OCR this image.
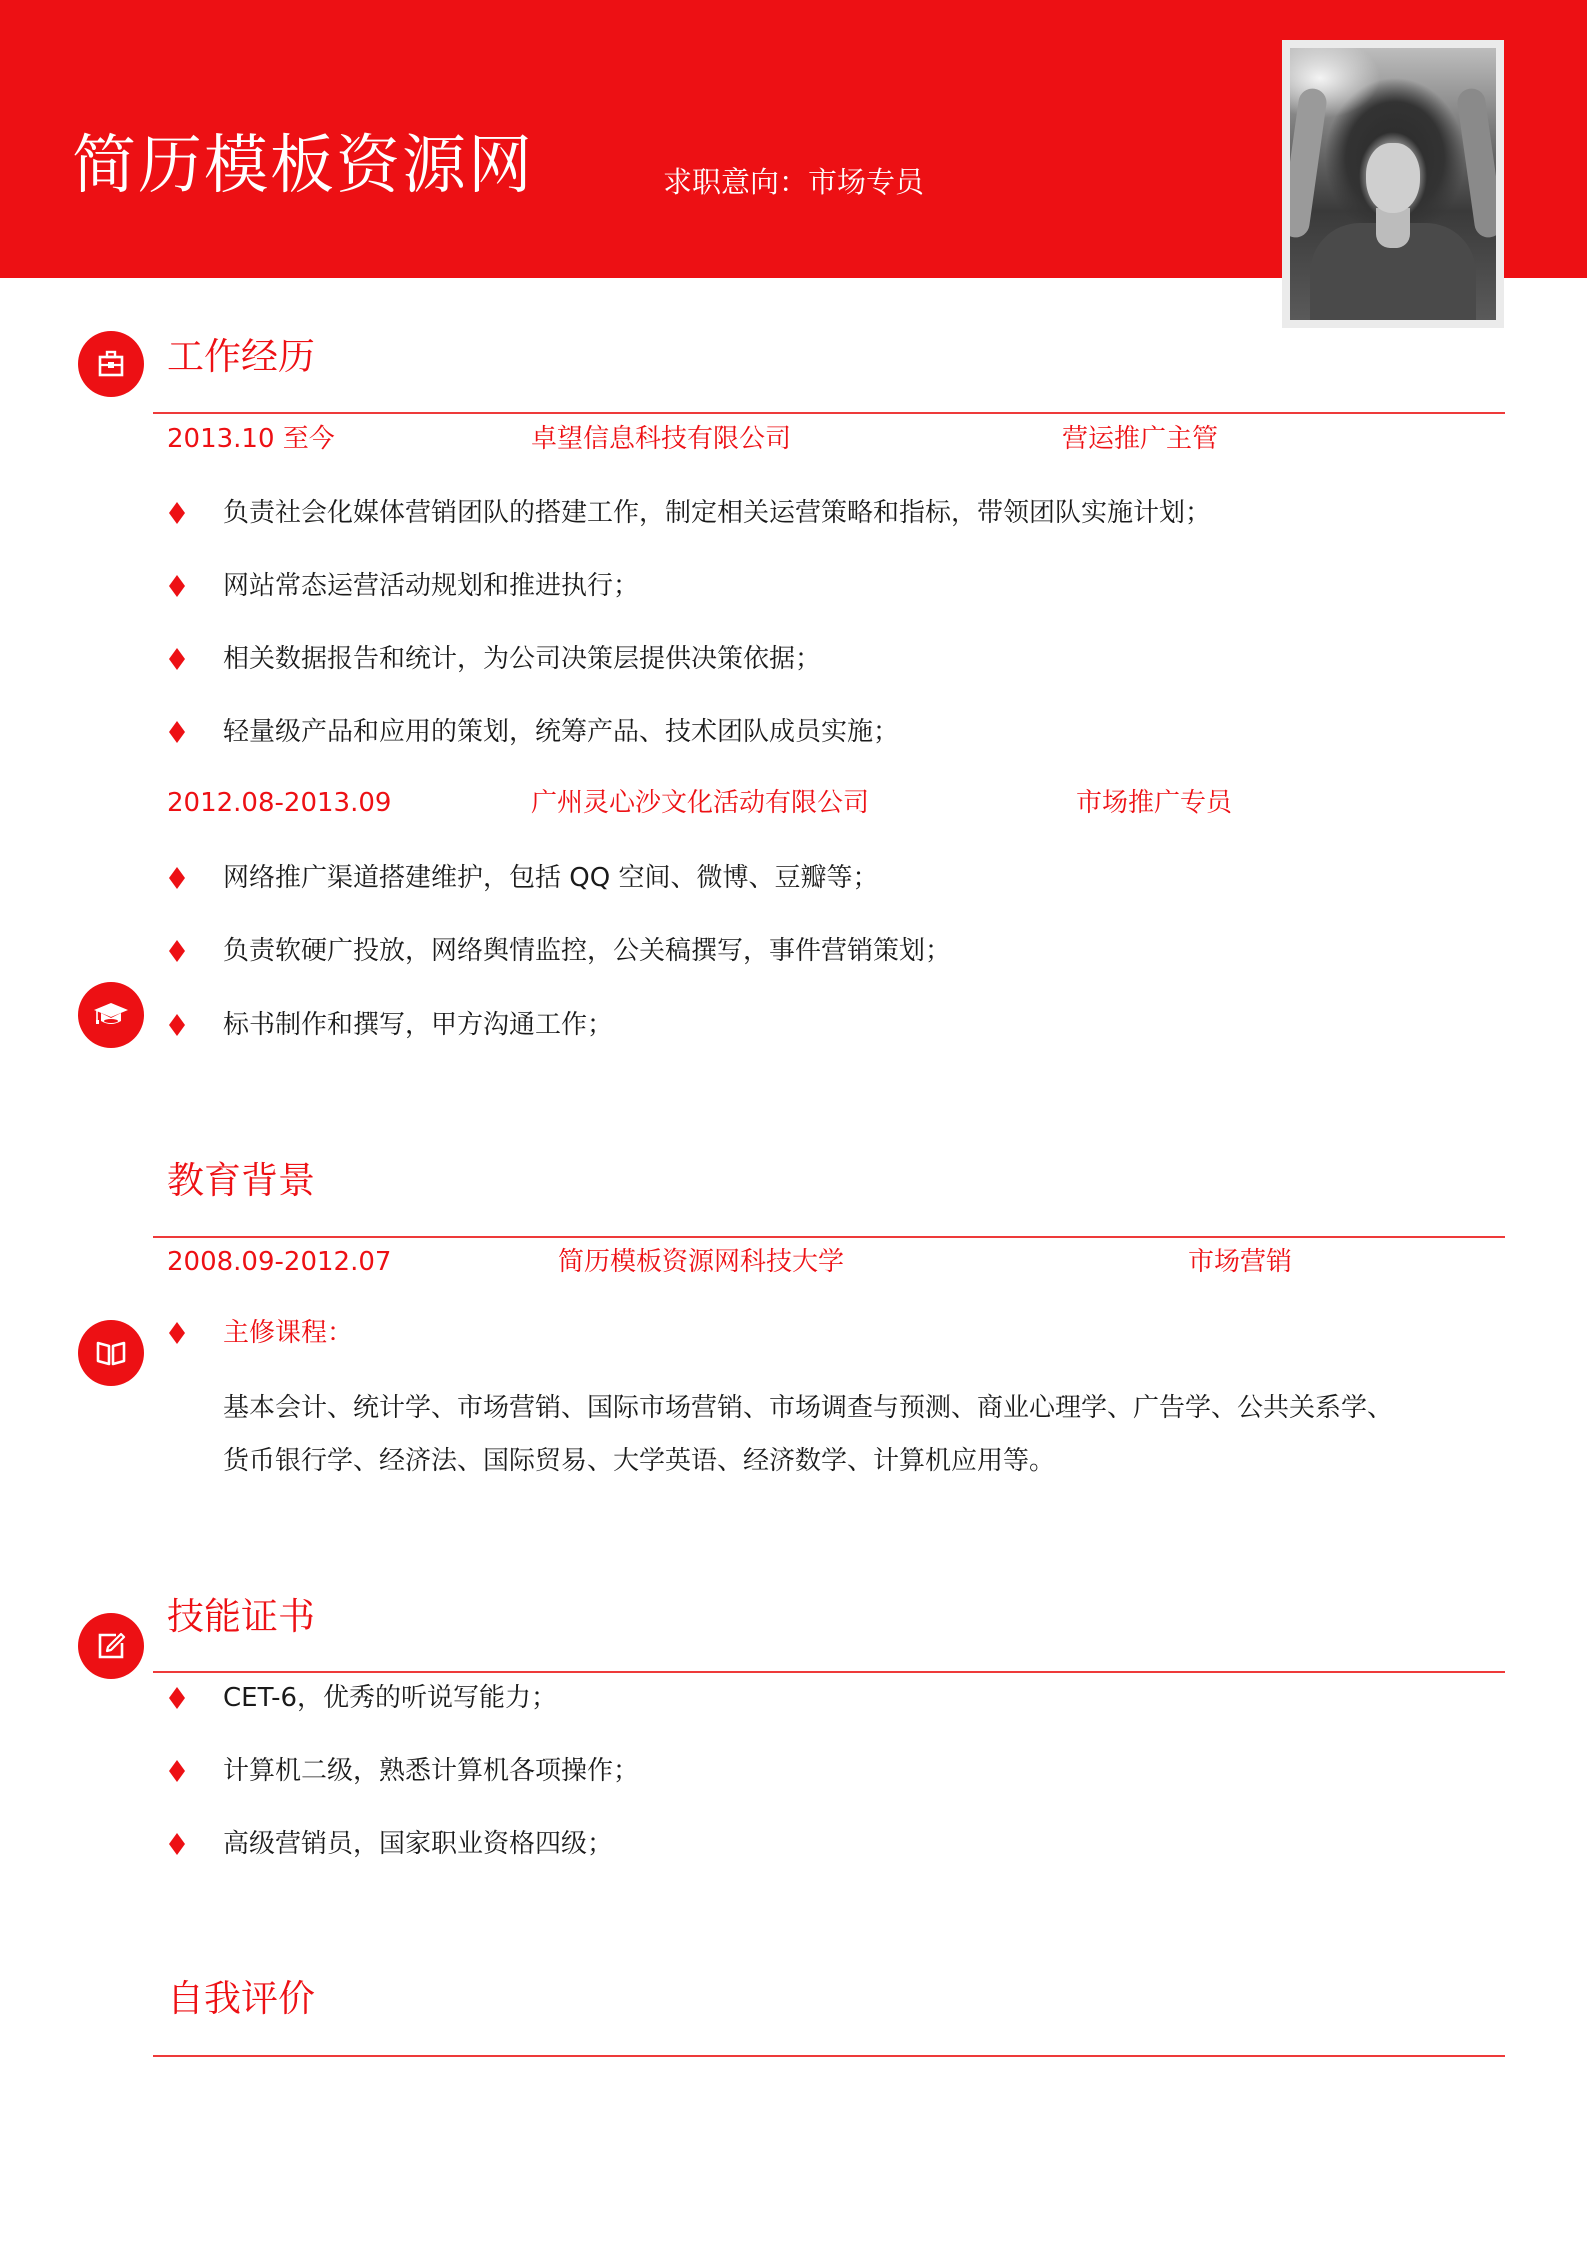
简历模板资源网	求职意向：市场专员
工作经历
2013.10 至今	卓望信息科技有限公司	营运推广主管
负责社会化媒体营销团队的搭建工作，制定相关运营策略和指标，带领团队实施计划；
网站常态运营活动规划和推进执行；
相关数据报告和统计，为公司决策层提供决策依据；
轻量级产品和应用的策划，统筹产品、技术团队成员实施；
2012.08-2013.09	广州灵心沙文化活动有限公司	市场推广专员
网络推广渠道搭建维护，包括 QQ 空间、微博、豆瓣等；
负责软硬广投放，网络舆情监控，公关稿撰写，事件营销策划；
标书制作和撰写，甲方沟通工作；
教育背景
2008.09-2012.07	简历模板资源网科技大学	市场营销
主修课程：
基本会计、统计学、市场营销、国际市场营销、市场调查与预测、商业心理学、广告学、公共关系学、
货币银行学、经济法、国际贸易、大学英语、经济数学、计算机应用等。
技能证书
CET-6，优秀的听说写能力；
计算机二级，熟悉计算机各项操作；
高级营销员，国家职业资格四级；
自我评价
